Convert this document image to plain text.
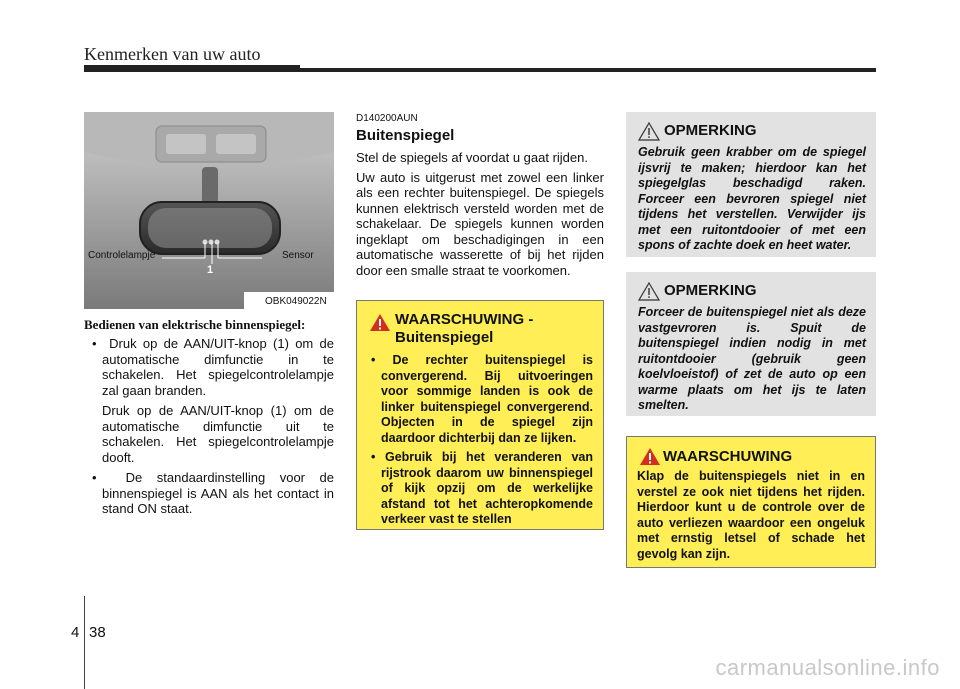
Kenmerken van uw auto
Controlelampje	Sensor
1
OBK049022N
Bedienen van elektrische binnenspiegel:

•  Druk op de AAN/UIT-knop (1) om de automatische dimfunctie in te schakelen. Het spiegelcontrolelampje zal gaan branden.

Druk op de AAN/UIT-knop (1) om de automatische dimfunctie uit te schakelen. Het spiegelcontrolelampje dooft.

•  De standaardinstelling voor de binnenspiegel is AAN als het contact in stand ON staat.

D140200AUN
Buitenspiegel

Stel de spiegels af voordat u gaat rijden.

Uw auto is uitgerust met zowel een linker als een rechter buitenspiegel. De spiegels kunnen elektrisch versteld worden met de schakelaar. De spiegels kunnen worden ingeklapt om beschadigingen in een automatische wasserette of bij het rijden door een smalle straat te voorkomen.

WAARSCHUWING -
Buitenspiegel
• De rechter buitenspiegel is convergerend. Bij uitvoeringen voor sommige landen is ook de linker buitenspiegel convergerend. Objecten in de spiegel zijn daardoor dichterbij dan ze lijken.
• Gebruik bij het veranderen van rijstrook daarom uw binnenspiegel of kijk opzij om de werkelijke afstand tot het achteropkomende verkeer vast te stellen
OPMERKING
Gebruik geen krabber om de spiegel ijsvrij te maken; hierdoor kan het spiegelglas beschadigd raken. Forceer een bevroren spiegel niet tijdens het verstellen. Verwijder ijs met een ruitontdooier of met een spons of zachte doek en heet water.
OPMERKING
Forceer de buitenspiegel niet als deze vastgevroren is. Spuit de buitenspiegel indien nodig in met ruitontdooier (gebruik geen koelvloeistof) of zet de auto op een warme plaats om het ijs te laten smelten.
WAARSCHUWING
Klap de buitenspiegels niet in en verstel ze ook niet tijdens het rijden. Hierdoor kunt u de controle over de auto verliezen waardoor een ongeluk met ernstig letsel of schade het gevolg kan zijn.
4 38
carmanualsonline.info
